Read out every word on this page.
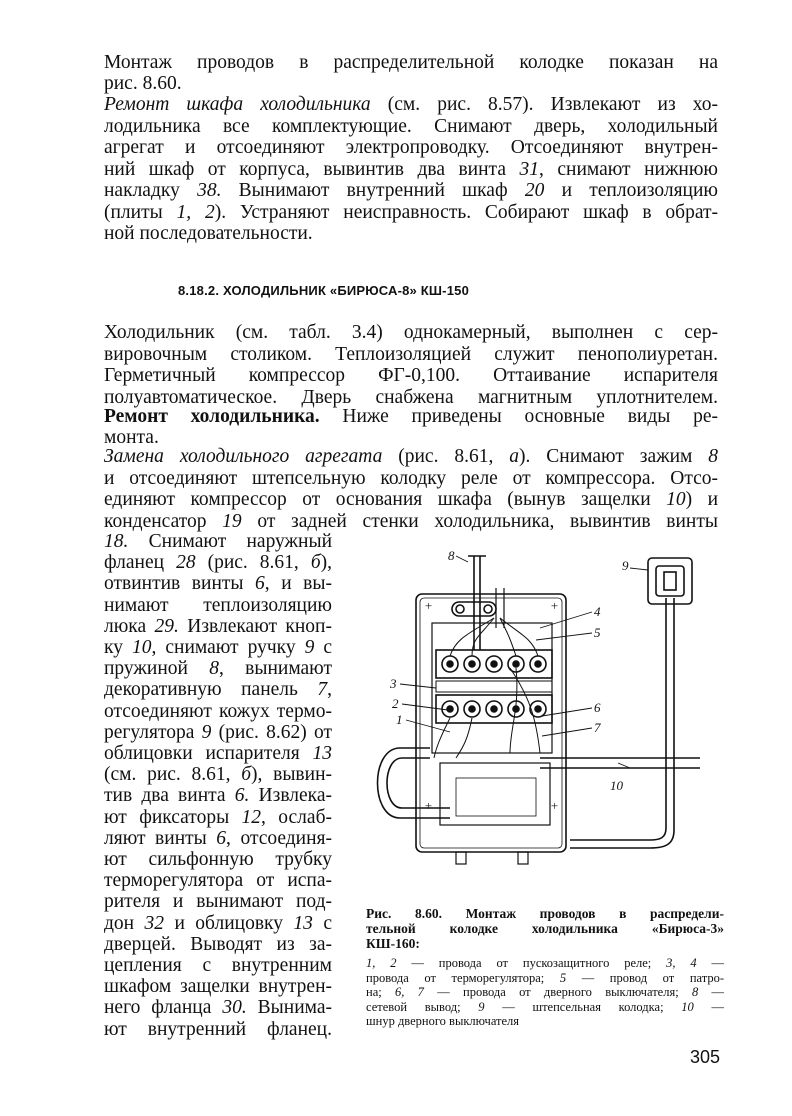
Монтаж проводов в распределительной колодке показан на
рис. 8.60.
Ремонт шкафа холодильника (см. рис. 8.57). Извлекают из хо-
лодильника все комплектующие. Снимают дверь, холодильный
агрегат и отсоединяют электропроводку. Отсоединяют внутрен-
ний шкаф от корпуса, вывинтив два винта 31, снимают нижнюю
накладку 38. Вынимают внутренний шкаф 20 и теплоизоляцию
(плиты 1, 2). Устраняют неисправность. Собирают шкаф в обрат-
ной последовательности.
Холодильник (см. табл. 3.4) однокамерный, выполнен с сер-
вировочным столиком. Теплоизоляцией служит пенополиуретан.
Герметичный компрессор ФГ-0,100. Оттаивание испарителя
полуавтоматическое. Дверь снабжена магнитным уплотнителем.
Ремонт холодильника. Ниже приведены основные виды ре-
монта.
Замена холодильного агрегата (рис. 8.61, а). Снимают зажим 8
и отсоединяют штепсельную колодку реле от компрессора. Отсо-
единяют компрессор от основания шкафа (вынув защелки 10) и
конденсатор 19 от задней стенки холодильника, вывинтив винты
18. Снимают наружный
фланец 28 (рис. 8.61, б),
отвинтив винты 6, и вы-
нимают теплоизоляцию
люка 29. Извлекают кноп-
ку 10, снимают ручку 9 с
пружиной 8, вынимают
декоративную панель 7,
отсоединяют кожух термо-
регулятора 9 (рис. 8.62) от
облицовки испарителя 13
(см. рис. 8.61, б), вывин-
тив два винта 6. Извлека-
ют фиксаторы 12, ослаб-
ляют винты 6, отсоединя-
ют сильфонную трубку
терморегулятора от испа-
рителя и вынимают под-
дон 32 и облицовку 13 с
дверцей. Выводят из за-
цепления с внутренним
шкафом защелки внутрен-
него фланца 30. Вынима-
ют внутренний фланец.
8.18.2. ХОЛОДИЛЬНИК «БИРЮСА-8» КШ-150
Рис. 8.60. Монтаж проводов в распредели-
тельной колодке холодильника «Бирюса-3»
КШ-160:
1, 2 — провода от пускозащитного реле; 3, 4 —
провода от терморегулятора; 5 — провод от патро-
на; 6, 7 — провода от дверного выключателя; 8 —
сетевой вывод; 9 — штепсельная колодка; 10 —
шнур дверного выключателя
305
8
9
4
5
3
2
1
6
7
10
+	+
+	+
